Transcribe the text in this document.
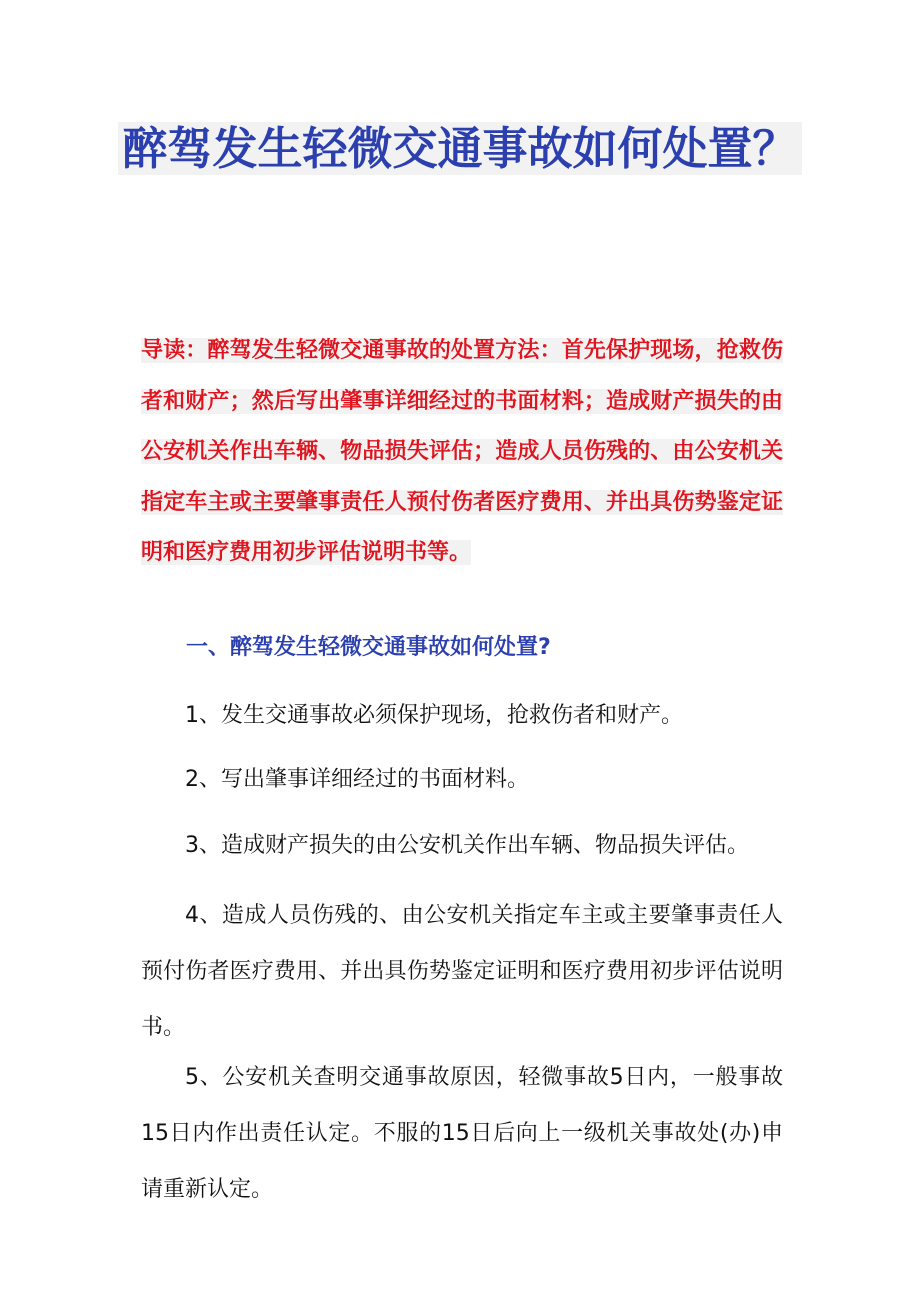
醉驾发生轻微交通事故如何处置？
导读：醉驾发生轻微交通事故的处置方法：首先保护现场，抢救伤者和财产；然后写出肇事详细经过的书面材料；造成财产损失的由公安机关作出车辆、物品损失评估；造成人员伤残的、由公安机关指定车主或主要肇事责任人预付伤者医疗费用、并出具伤势鉴定证明和医疗费用初步评估说明书等。
一、醉驾发生轻微交通事故如何处置?

1、发生交通事故必须保护现场，抢救伤者和财产。

2、写出肇事详细经过的书面材料。

3、造成财产损失的由公安机关作出车辆、物品损失评估。

4、造成人员伤残的、由公安机关指定车主或主要肇事责任人预付伤者医疗费用、并出具伤势鉴定证明和医疗费用初步评估说明书。

5、公安机关查明交通事故原因，轻微事故5日内，一般事故15日内作出责任认定。不服的15日后向上一级机关事故处(办)申请重新认定。
